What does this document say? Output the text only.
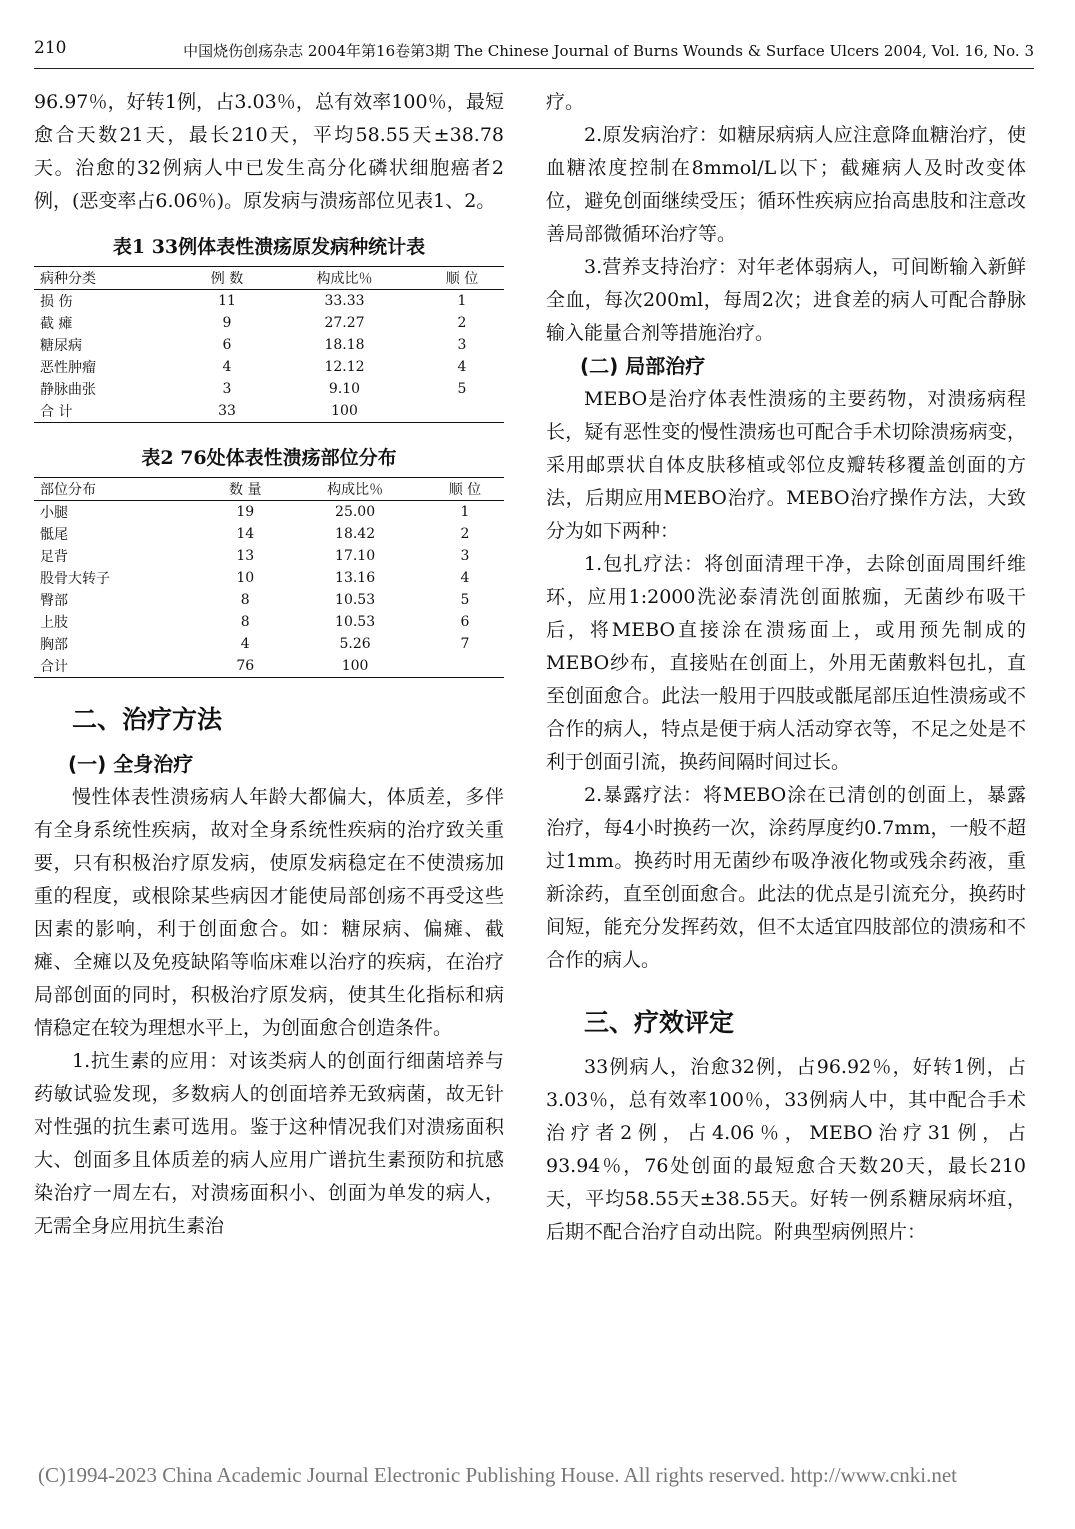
210	中国烧伤创疡杂志 2004年第16卷第3期 The Chinese Journal of Burns Wounds & Surface Ulcers 2004, Vol. 16, No. 3

96.97％，好转1例，占3.03％，总有效率100％，最短愈合天数21天，最长210天，平均58.55天±38.78天。治愈的32例病人中已发生高分化磷状细胞癌者2例，(恶变率占6.06％)。原发病与溃疡部位见表1、2。

表1 33例体表性溃疡原发病种统计表
病种分类	例 数	构成比％	顺 位
损 伤	11	33.33	1
截 瘫	9	27.27	2
糖尿病	6	18.18	3
恶性肿瘤	4	12.12	4
静脉曲张	3	9.10	5
合 计	33	100	
表2 76处体表性溃疡部位分布
部位分布	数 量	构成比％	顺 位
小腿	19	25.00	1
骶尾	14	18.42	2
足背	13	17.10	3
股骨大转子	10	13.16	4
臀部	8	10.53	5
上肢	8	10.53	6
胸部	4	5.26	7
合计	76	100	
二、治疗方法
(一) 全身治疗

慢性体表性溃疡病人年龄大都偏大，体质差，多伴有全身系统性疾病，故对全身系统性疾病的治疗致关重要，只有积极治疗原发病，使原发病稳定在不使溃疡加重的程度，或根除某些病因才能使局部创疡不再受这些因素的影响，利于创面愈合。如：糖尿病、偏瘫、截瘫、全瘫以及免疫缺陷等临床难以治疗的疾病，在治疗局部创面的同时，积极治疗原发病，使其生化指标和病情稳定在较为理想水平上，为创面愈合创造条件。

1.抗生素的应用：对该类病人的创面行细菌培养与药敏试验发现，多数病人的创面培养无致病菌，故无针对性强的抗生素可选用。鉴于这种情况我们对溃疡面积大、创面多且体质差的病人应用广谱抗生素预防和抗感染治疗一周左右，对溃疡面积小、创面为单发的病人，无需全身应用抗生素治

疗。

2.原发病治疗：如糖尿病病人应注意降血糖治疗，使血糖浓度控制在8mmol/L以下；截瘫病人及时改变体位，避免创面继续受压；循环性疾病应抬高患肢和注意改善局部微循环治疗等。

3.营养支持治疗：对年老体弱病人，可间断输入新鲜全血，每次200ml，每周2次；进食差的病人可配合静脉输入能量合剂等措施治疗。

(二) 局部治疗

MEBO是治疗体表性溃疡的主要药物，对溃疡病程长，疑有恶性变的慢性溃疡也可配合手术切除溃疡病变，采用邮票状自体皮肤移植或邻位皮瓣转移覆盖创面的方法，后期应用MEBO治疗。MEBO治疗操作方法，大致分为如下两种：

1.包扎疗法：将创面清理干净，去除创面周围纤维环，应用1:2000洗泌泰清洗创面脓痂，无菌纱布吸干后，将MEBO直接涂在溃疡面上，或用预先制成的MEBO纱布，直接贴在创面上，外用无菌敷料包扎，直至创面愈合。此法一般用于四肢或骶尾部压迫性溃疡或不合作的病人，特点是便于病人活动穿衣等，不足之处是不利于创面引流，换药间隔时间过长。

2.暴露疗法：将MEBO涂在已清创的创面上，暴露治疗，每4小时换药一次，涂药厚度约0.7mm，一般不超过1mm。换药时用无菌纱布吸净液化物或残余药液，重新涂药，直至创面愈合。此法的优点是引流充分，换药时间短，能充分发挥药效，但不太适宜四肢部位的溃疡和不合作的病人。

三、疗效评定

33例病人，治愈32例，占96.92％，好转1例，占3.03％，总有效率100％，33例病人中，其中配合手术治疗者2例，占4.06％，MEBO治疗31例，占93.94％，76处创面的最短愈合天数20天，最长210天，平均58.55天±38.55天。好转一例系糖尿病坏疽，后期不配合治疗自动出院。附典型病例照片：

(C)1994-2023 China Academic Journal Electronic Publishing House. All rights reserved. http://www.cnki.net
